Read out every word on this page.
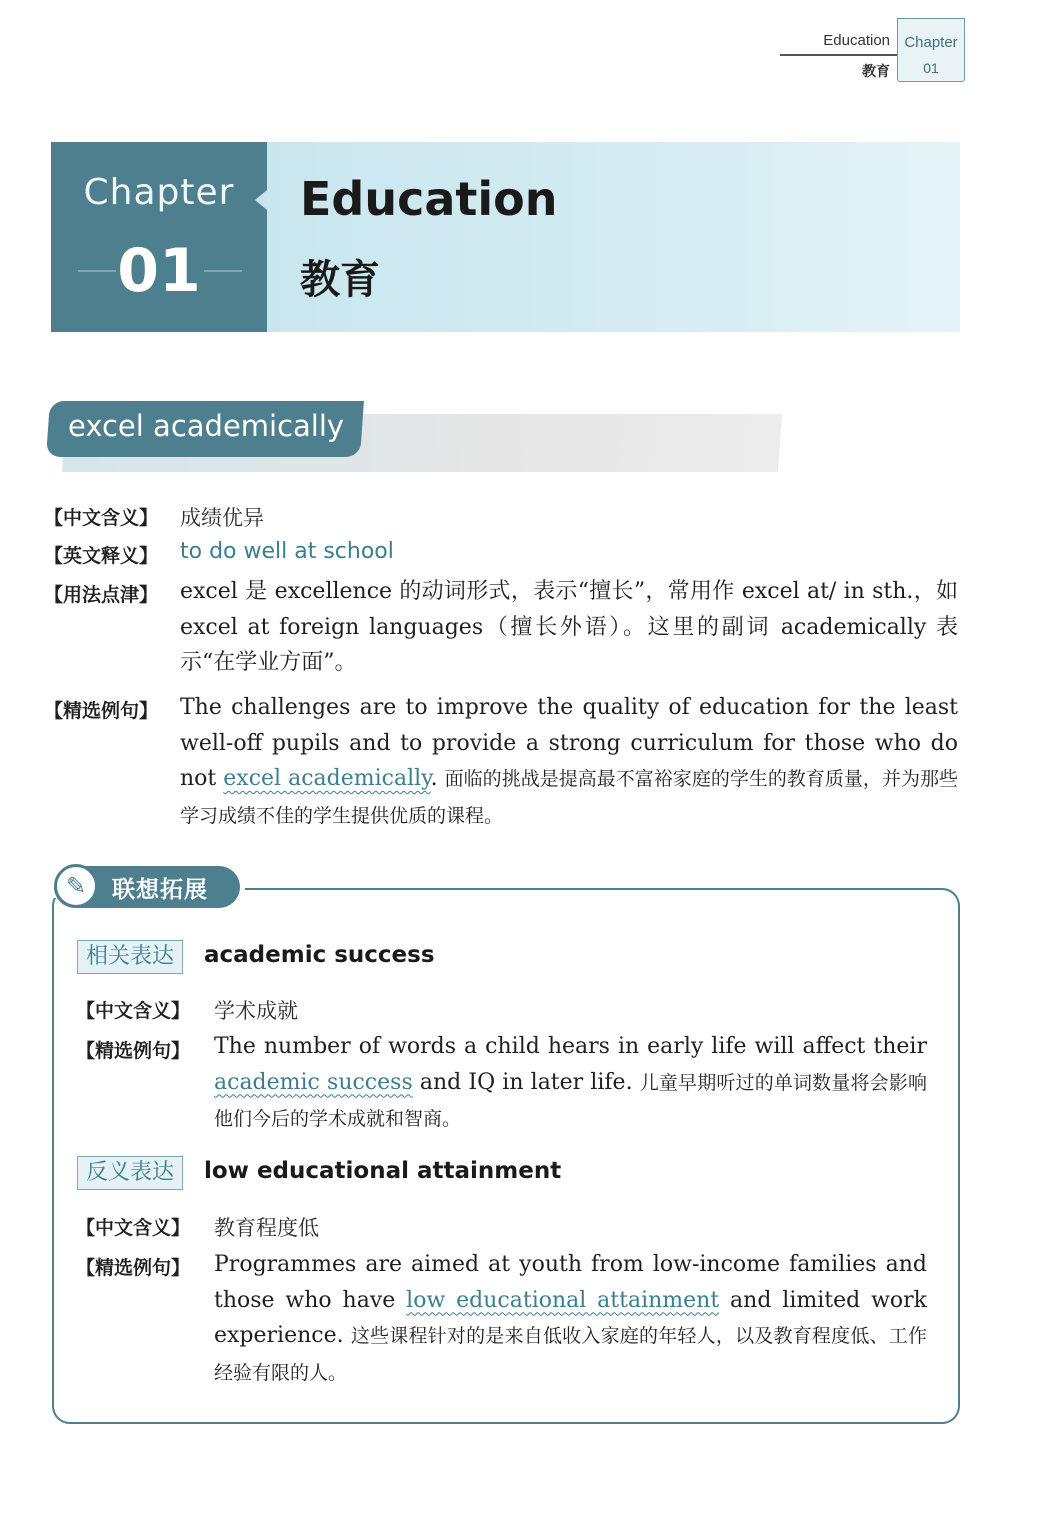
Education
教育
Chapter
01
Chapter
01
Education
教育
excel academically
【中文含义】	成绩优异
【英文释义】 to do well at school
【用法点津】 excel 是 excellence 的动词形式，表示“擅长”，常用作 excel at/ in sth.，如 excel at foreign languages（擅长外语）。这里的副词 academically 表示“在学业方面”。
【精选例句】 The challenges are to improve the quality of education for the least well-off pupils and to provide a strong curriculum for those who do not excel academically. 面临的挑战是提高最不富裕家庭的学生的教育质量，并为那些学习成绩不佳的学生提供优质的课程。
✎	联想拓展
相关表达	academic success
【中文含义】	学术成就
【精选例句】	The number of words a child hears in early life will affect their academic success and IQ in later life. 儿童早期听过的单词数量将会影响他们今后的学术成就和智商。
反义表达	low educational attainment
【中文含义】	教育程度低
【精选例句】	Programmes are aimed at youth from low-income families and those who have low educational attainment and limited work experience. 这些课程针对的是来自低收入家庭的年轻人，以及教育程度低、工作经验有限的人。
